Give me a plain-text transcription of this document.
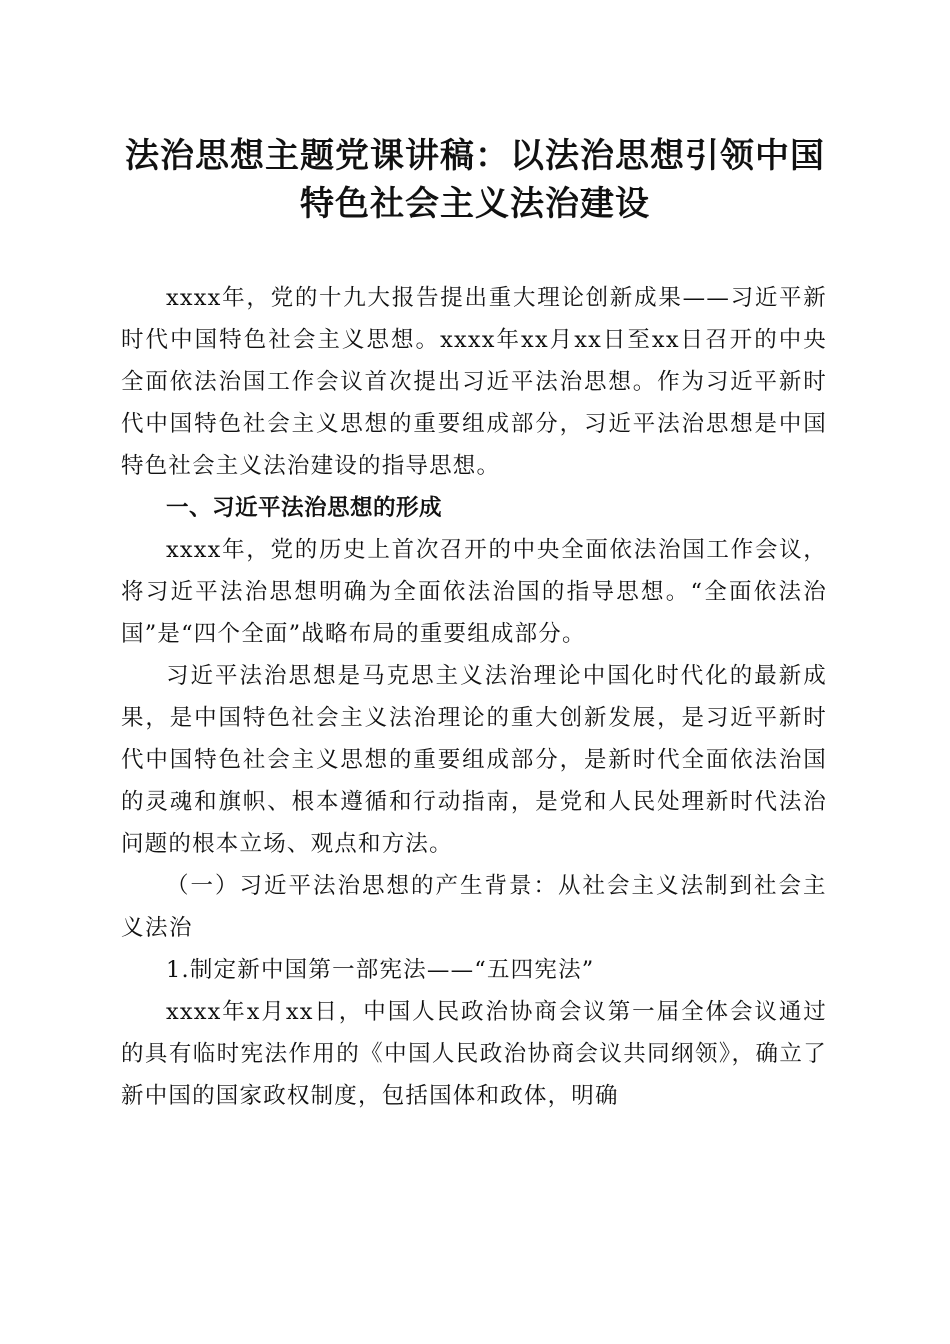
法治思想主题党课讲稿：以法治思想引领中国
特色社会主义法治建设

xxxx年，党的十九大报告提出重大理论创新成果——习近平新时代中国特色社会主义思想。xxxx年xx月xx日至xx日召开的中央全面依法治国工作会议首次提出习近平法治思想。作为习近平新时代中国特色社会主义思想的重要组成部分，习近平法治思想是中国特色社会主义法治建设的指导思想。

一、习近平法治思想的形成

xxxx年，党的历史上首次召开的中央全面依法治国工作会议，将习近平法治思想明确为全面依法治国的指导思想。“全面依法治国”是“四个全面”战略布局的重要组成部分。

习近平法治思想是马克思主义法治理论中国化时代化的最新成果，是中国特色社会主义法治理论的重大创新发展，是习近平新时代中国特色社会主义思想的重要组成部分，是新时代全面依法治国的灵魂和旗帜、根本遵循和行动指南，是党和人民处理新时代法治问题的根本立场、观点和方法。

（一）习近平法治思想的产生背景：从社会主义法制到社会主义法治

1.制定新中国第一部宪法——“五四宪法”

xxxx年x月xx日，中国人民政治协商会议第一届全体会议通过的具有临时宪法作用的《中国人民政治协商会议共同纲领》，确立了新中国的国家政权制度，包括国体和政体，明确
